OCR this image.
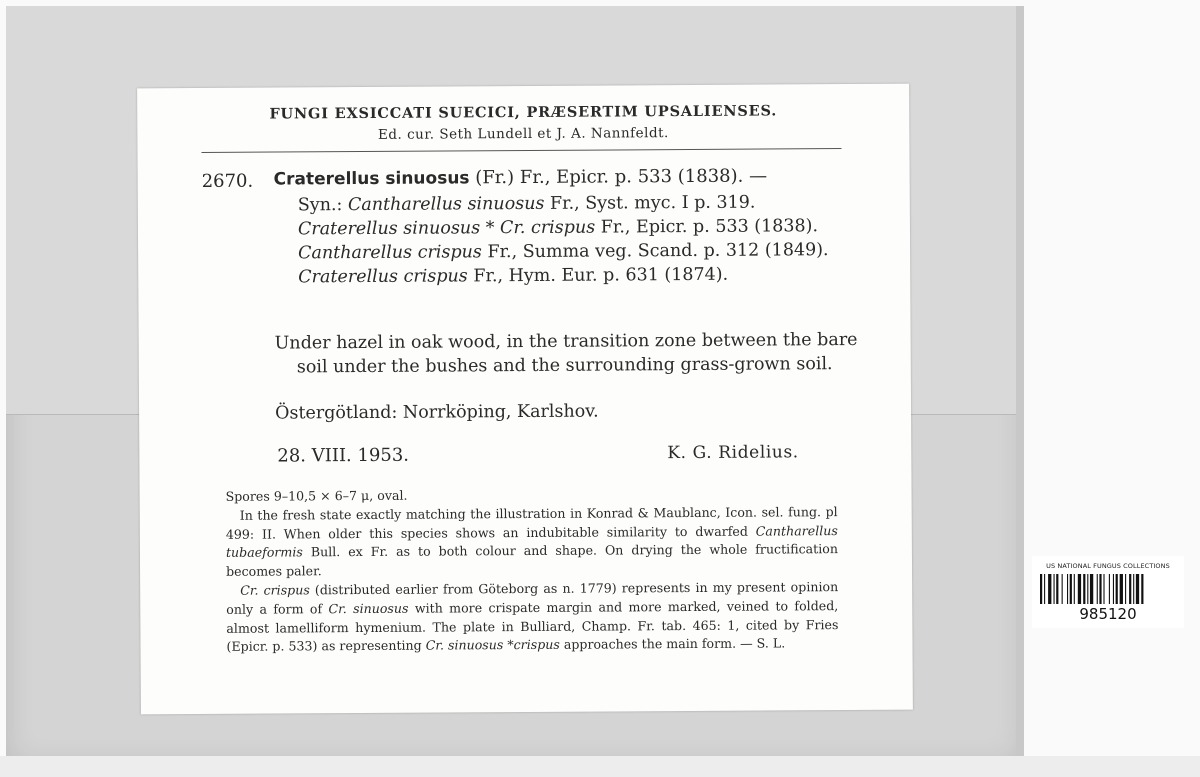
FUNGI EXSICCATI SUECICI, PRÆSERTIM UPSALIENSES.
Ed. cur. Seth Lundell et J. A. Nannfeldt.
2670. Craterellus sinuosus (Fr.) Fr., Epicr. p. 533 (1838). —
Syn.: Cantharellus sinuosus Fr., Syst. myc. I p. 319. Craterellus sinuosus * Cr. crispus Fr., Epicr. p. 533 (1838). Cantharellus crispus Fr., Summa veg. Scand. p. 312 (1849). Craterellus crispus Fr., Hym. Eur. p. 631 (1874).
Under hazel in oak wood, in the transition zone between the bare soil under the bushes and the surrounding grass-grown soil.
Östergötland: Norrköping, Karlshov.
28. VIII. 1953.	K. G. Ridelius.

Spores 9–10,5 × 6–7 μ, oval.

In the fresh state exactly matching the illustration in Konrad & Maublanc, Icon. sel. fung. pl 499: II. When older this species shows an indubitable similarity to dwarfed Cantharellus tubaeformis Bull. ex Fr. as to both colour and shape. On drying the whole fructification becomes paler.

Cr. crispus (distributed earlier from Göteborg as n. 1779) represents in my present opinion only a form of Cr. sinuosus with more crispate margin and more marked, veined to folded, almost lamelliform hymenium. The plate in Bulliard, Champ. Fr. tab. 465: 1, cited by Fries (Epicr. p. 533) as representing Cr. sinuosus *crispus approaches the main form. — S. L.

US NATIONAL FUNGUS COLLECTIONS
985120
